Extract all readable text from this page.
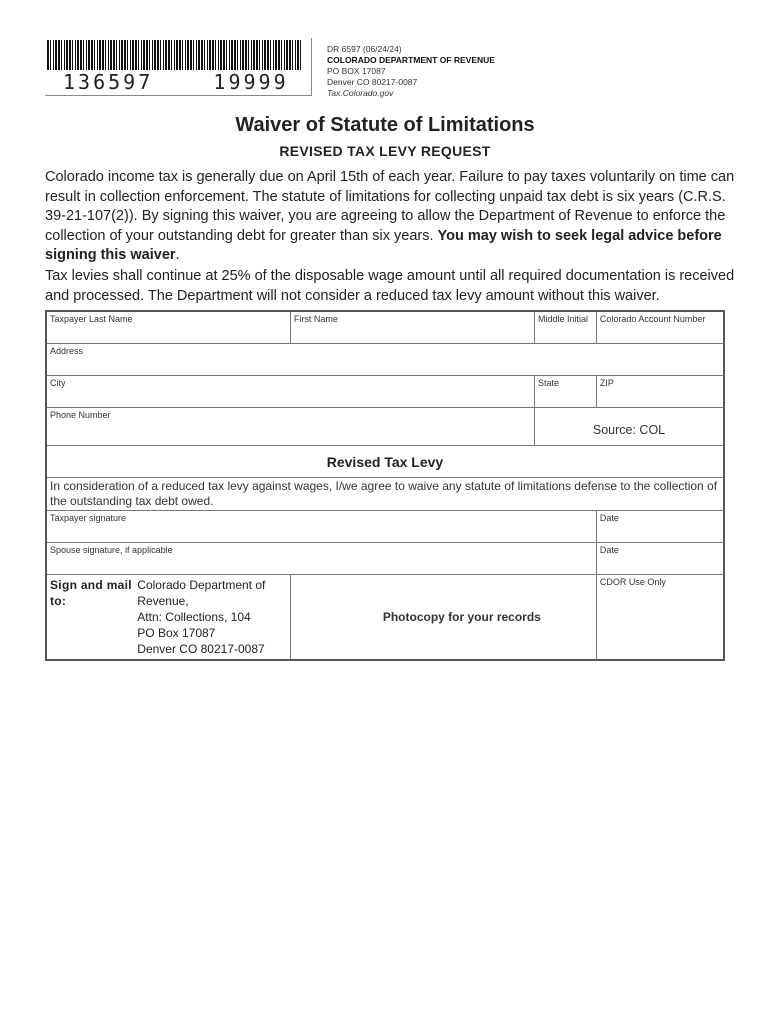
136597    19999
DR 6597 (06/24/24)
COLORADO DEPARTMENT OF REVENUE
PO BOX 17087
Denver CO 80217-0087
Tax.Colorado.gov
Waiver of Statute of Limitations
REVISED TAX LEVY REQUEST
Colorado income tax is generally due on April 15th of each year. Failure to pay taxes voluntarily on time can result in collection enforcement. The statute of limitations for collecting unpaid tax debt is six years (C.R.S. 39-21-107(2)). By signing this waiver, you are agreeing to allow the Department of Revenue to enforce the collection of your outstanding debt for greater than six years. You may wish to seek legal advice before signing this waiver.
Tax levies shall continue at 25% of the disposable wage amount until all required documentation is received and processed. The Department will not consider a reduced tax levy amount without this waiver.
Taxpayer Last Name	First Name	Middle Initial	Colorado Account Number
Address			
City		State	ZIP
Phone Number		Source: COL	
Revised Tax Levy			
In consideration of a reduced tax levy against wages, I/we agree to waive any statute of limitations defense to the collection of the outstanding tax debt owed.			
Taxpayer signature			Date
Spouse signature, if applicable			Date

Sign and mail to:
Colorado Department of Revenue,
Attn: Collections, 104
PO Box 17087
Denver CO 80217-0087	Photocopy for your records		CDOR Use Only
